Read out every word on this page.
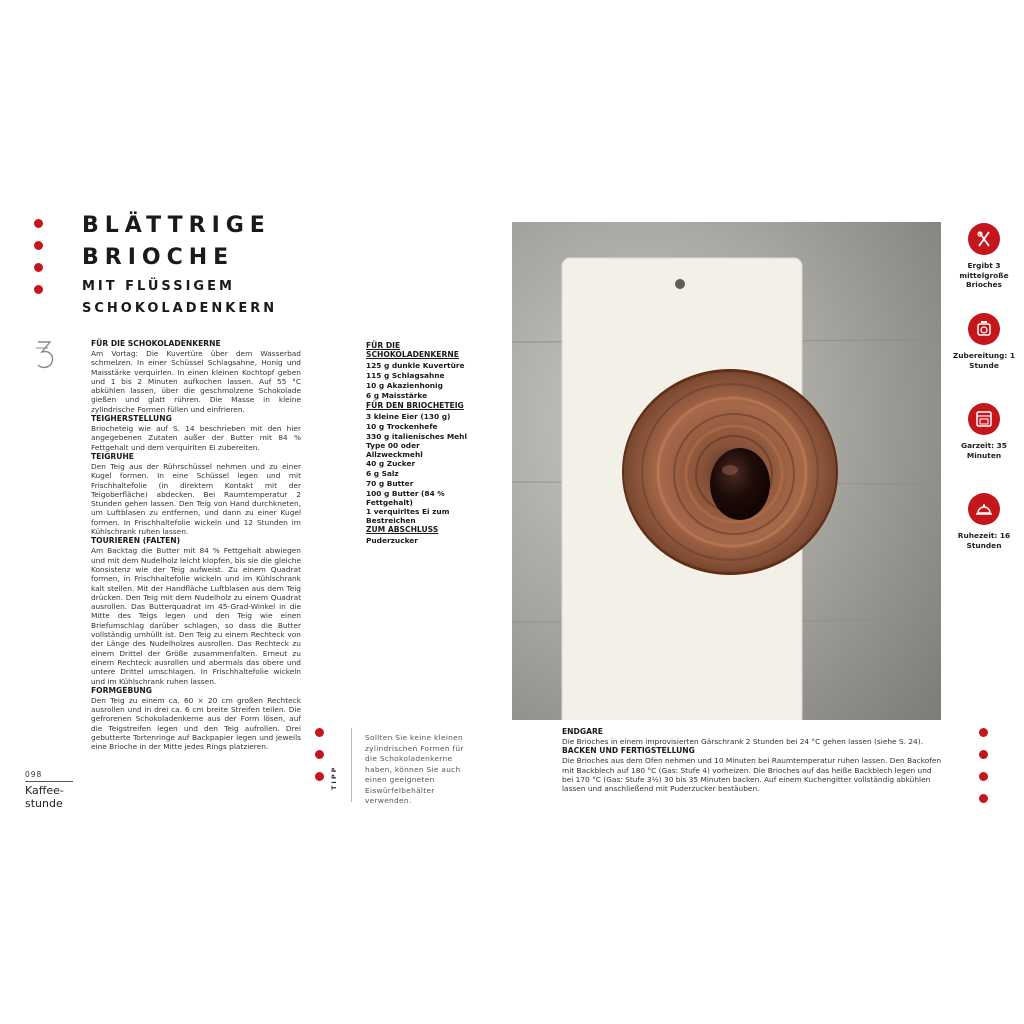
BLÄTTRIGE
BRIOCHE
MIT FLÜSSIGEM
SCHOKOLADENKERN
FÜR DIE SCHOKOLADENKERNE
Am Vortag: Die Kuvertüre über dem Wasserbad schmelzen. In einer Schüssel Schlagsahne, Honig und Maisstärke verquirlen. In einen kleinen Kochtopf geben und 1 bis 2 Minuten aufkochen lassen. Auf 55 °C abkühlen lassen, über die geschmolzene Schokolade gießen und glatt rühren. Die Masse in kleine zylindrische Formen füllen und einfrieren.
TEIGHERSTELLUNG
Briocheteig wie auf S. 14 beschrieben mit den hier angegebenen Zutaten außer der Butter mit 84 % Fettgehalt und dem verquirlten Ei zubereiten.
TEIGRUHE
Den Teig aus der Rührschüssel nehmen und zu einer Kugel formen. In eine Schüssel legen und mit Frischhaltefolie (in direktem Kontakt mit der Teigoberfläche) abdecken. Bei Raumtemperatur 2 Stunden gehen lassen. Den Teig von Hand durchkneten, um Luftblasen zu entfernen, und dann zu einer Kugel formen. In Frischhaltefolie wickeln und 12 Stunden im Kühlschrank ruhen lassen.
TOURIEREN (FALTEN)
Am Backtag die Butter mit 84 % Fettgehalt abwiegen und mit dem Nudelholz leicht klopfen, bis sie die gleiche Konsistenz wie der Teig aufweist. Zu einem Quadrat formen, in Frischhaltefolie wickeln und im Kühlschrank kalt stellen. Mit der Handfläche Luftblasen aus dem Teig drücken. Den Teig mit dem Nudelholz zu einem Quadrat ausrollen. Das Butterquadrat im 45-Grad-Winkel in die Mitte des Teigs legen und den Teig wie einen Briefumschlag darüber schlagen, so dass die Butter vollständig umhüllt ist. Den Teig zu einem Rechteck von der Länge des Nudelholzes ausrollen. Das Rechteck zu einem Drittel der Größe zusammenfalten. Erneut zu einem Rechteck ausrollen und abermals das obere und untere Drittel umschlagen. In Frischhaltefolie wickeln und im Kühlschrank ruhen lassen.
FORMGEBUNG
Den Teig zu einem ca. 60 × 20 cm großen Rechteck ausrollen und in drei ca. 6 cm breite Streifen teilen. Die gefrorenen Schokoladenkerne aus der Form lösen, auf die Teigstreifen legen und den Teig aufrollen. Drei gebutterte Tortenringe auf Backpapier legen und jeweils eine Brioche in der Mitte jedes Rings platzieren.
098
Kaffee-
stunde
FÜR DIE SCHOKOLADENKERNE
125 g dunkle Kuvertüre
115 g Schlagsahne
10 g Akazienhonig
6 g Maisstärke
FÜR DEN BRIOCHETEIG
3 kleine Eier (130 g)
10 g Trockenhefe
330 g italienisches Mehl Type 00 oder Allzweckmehl
40 g Zucker
6 g Salz
70 g Butter
100 g Butter (84 % Fettgehalt)
1 verquirltes Ei zum Bestreichen
ZUM ABSCHLUSS
Puderzucker
TIPP
Sollten Sie keine kleinen zylindrischen Formen für die Schokoladenkerne haben, können Sie auch einen geeigneten Eiswürfelbehälter verwenden.
Ergibt 3 mittelgroße Brioches
Zubereitung: 1 Stunde
Garzeit: 35 Minuten
Ruhezeit: 16 Stunden
ENDGARE
Die Brioches in einem improvisierten Gärschrank 2 Stunden bei 24 °C gehen lassen (siehe S. 24).
BACKEN UND FERTIGSTELLUNG
Die Brioches aus dem Ofen nehmen und 10 Minuten bei Raumtemperatur ruhen lassen. Den Backofen mit Backblech auf 180 °C (Gas: Stufe 4) vorheizen. Die Brioches auf das heiße Backblech legen und bei 170 °C (Gas: Stufe 3½) 30 bis 35 Minuten backen. Auf einem Kuchengitter vollständig abkühlen lassen und anschließend mit Puderzucker bestäuben.
